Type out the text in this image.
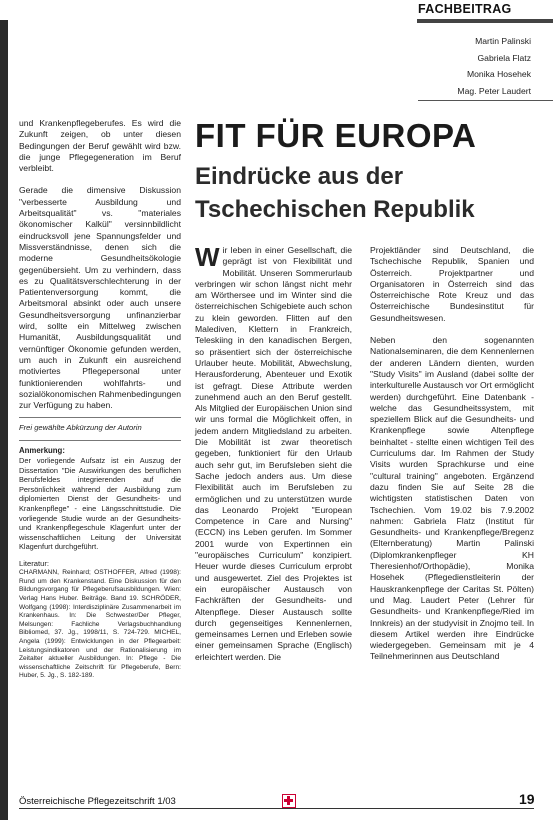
FACHBEITRAG
Martin Palinski
Gabriela Flatz
Monika Hosehek
Mag. Peter Laudert
FIT FÜR EUROPA
Eindrücke aus der Tschechischen Republik

und Krankenpflegeberufes. Es wird die Zukunft zeigen, ob unter diesen Bedingungen der Beruf gewählt wird bzw. die junge Pflegegeneration im Beruf verbleibt.

Gerade die dimensive Diskussion "verbesserte Ausbildung und Arbeitsqualität" vs. "materiales ökonomischer Kalkül" versinnbildlicht eindrucksvoll jene Spannungsfelder und Missverständnisse, denen sich die moderne Gesundheitsökologie gegenübersieht. Um zu verhindern, dass es zu Qualitätsverschlechterung in der Patientenversorgung kommt, die Arbeitsmoral absinkt oder auch unsere Gesundheitsversorgung unfinanzierbar wird, sollte ein Mittelweg zwischen Humanität, Ausbildungsqualität und vernünftiger Ökonomie gefunden werden, um auch in Zukunft ein ausreichend motiviertes Pflegepersonal unter funktionierenden wohlfahrts- und sozialökonomischen Rahmenbedingungen zur Verfügung zu haben.

Frei gewählte Abkürzung der Autorin
Anmerkung:
Der vorliegende Aufsatz ist ein Auszug der Dissertation "Die Auswirkungen des beruflichen Berufsfeldes integrierenden auf die Persönlichkeit während der Ausbildung zum diplomierten Dienst der Gesundheits- und Krankenpflege" - eine Längsschnittstudie. Die vorliegende Studie wurde an der Gesundheits- und Krankenpflegeschule Klagenfurt unter der wissenschaftlichen Leitung der Universität Klagenfurt durchgeführt.
Literatur:
CHARMANN, Reinhard; OSTHOFFER, Alfred (1998): Rund um den Krankenstand. Eine Diskussion für den Bildungsvorgang für Pflegeberufsausbildungen. Wien: Verlag Hans Huber. Beiträge. Band 19. SCHRÖDER, Wolfgang (1998): Interdisziplinäre Zusammenarbeit im Krankenhaus. In: Die Schwester/Der Pfleger, Melsungen: Fachliche Verlagsbuchhandlung Bibliomed, 37. Jg., 1998/11, S. 724-729. MICHEL, Angela (1999): Entwicklungen in der Pflegearbeit: Leistungsindikatoren und der Rationalisierung im Zeitalter aktueller Ausbildungen. In: Pflege - Die wissenschaftliche Zeitschrift für Pflegeberufe, Bern: Huber, 5. Jg., S. 182-189.

Wir leben in einer Gesellschaft, die geprägt ist von Flexibilität und Mobilität. Unseren Sommerurlaub verbringen wir schon längst nicht mehr am Wörthersee und im Winter sind die österreichischen Schigebiete auch schon zu klein geworden. Flitten auf den Malediven, Klettern in Frankreich, Teleskiing in den kanadischen Bergen, so präsentiert sich der österreichische Urlauber heute. Mobilität, Abwechslung, Herausforderung, Abenteuer und Exotik ist gefragt. Diese Attribute werden zunehmend auch an den Beruf gestellt. Als Mitglied der Europäischen Union sind wir uns formal die Möglichkeit offen, in jedem andern Mitgliedsland zu arbeiten. Die Mobilität ist zwar theoretisch gegeben, funktioniert für den Urlaub auch sehr gut, im Berufsleben sieht die Sache jedoch anders aus. Um diese Flexibilität auch im Berufsleben zu ermöglichen und zu unterstützen wurde das Leonardo Projekt "European Competence in Care and Nursing" (ECCN) ins Leben gerufen. Im Sommer 2001 wurde von Expertinnen ein "europäisches Curriculum" konzipiert. Heuer wurde dieses Curriculum erprobt und ausgewertet. Ziel des Projektes ist ein europäischer Austausch von Fachkräften der Gesundheits- und Altenpflege. Dieser Austausch sollte durch gegenseitiges Kennenlernen, gemeinsames Lernen und Erleben sowie einer gemeinsamen Sprache (Englisch) erleichtert werden. Die

Projektländer sind Deutschland, die Tschechische Republik, Spanien und Österreich. Projektpartner und Organisatoren in Österreich sind das Österreichische Rote Kreuz und das Österreichische Bundesinstitut für Gesundheitswesen.

Neben den sogenannten Nationalseminaren, die dem Kennenlernen der anderen Ländern dienten, wurden "Study Visits" im Ausland (dabei sollte der interkulturelle Austausch vor Ort ermöglicht werden) durchgeführt. Eine Datenbank - welche das Gesundheitssystem, mit speziellem Blick auf die Gesundheits- und Krankenpflege sowie Altenpflege beinhaltet - stellte einen wichtigen Teil des Curriculums dar. Im Rahmen der Study Visits wurden Sprachkurse und eine "cultural training" angeboten. Ergänzend dazu finden Sie auf Seite 28 die wichtigsten statistischen Daten von Tschechien. Vom 19.02 bis 7.9.2002 nahmen: Gabriela Flatz (Institut für Gesundheits- und Krankenpflege/Bregenz (Elternberatung) Martin Palinski (Diplomkrankenpfleger KH Theresienhof/Orthopädie), Monika Hosehek (Pflegedienstleiterin der Hauskrankenpflege der Caritas St. Pölten) und Mag. Laudert Peter (Lehrer für Gesundheits- und Krankenpflege/Ried im Innkreis) an der studyvisit in Znojmo teil. In diesem Artikel werden ihre Eindrücke wiedergegeben. Gemeinsam mit je 4 Teilnehmerinnen aus Deutschland

Österreichische Pflegezeitschrift 1/03	19
